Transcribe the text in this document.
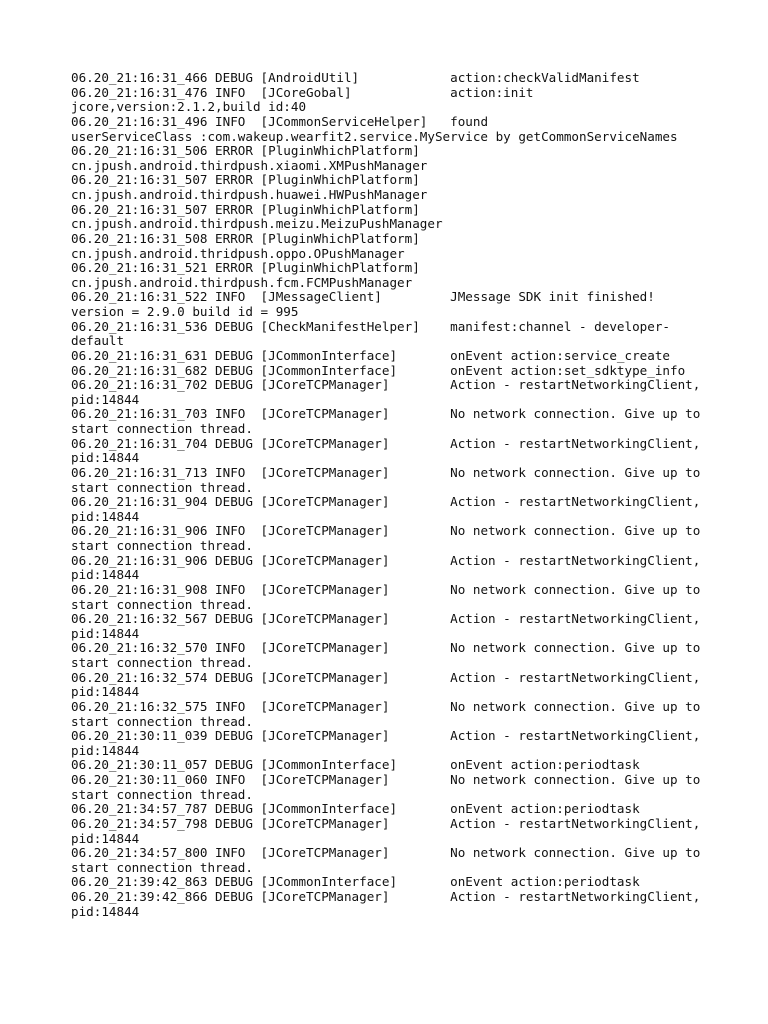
06.20_21:16:31_466 DEBUG [AndroidUtil]            action:checkValidManifest
06.20_21:16:31_476 INFO  [JCoreGobal]             action:init
jcore,version:2.1.2,build id:40
06.20_21:16:31_496 INFO  [JCommonServiceHelper]   found
userServiceClass :com.wakeup.wearfit2.service.MyService by getCommonServiceNames
06.20_21:16:31_506 ERROR [PluginWhichPlatform]
cn.jpush.android.thirdpush.xiaomi.XMPushManager
06.20_21:16:31_507 ERROR [PluginWhichPlatform]
cn.jpush.android.thirdpush.huawei.HWPushManager
06.20_21:16:31_507 ERROR [PluginWhichPlatform]
cn.jpush.android.thirdpush.meizu.MeizuPushManager
06.20_21:16:31_508 ERROR [PluginWhichPlatform]
cn.jpush.android.thridpush.oppo.OPushManager
06.20_21:16:31_521 ERROR [PluginWhichPlatform]
cn.jpush.android.thirdpush.fcm.FCMPushManager
06.20_21:16:31_522 INFO  [JMessageClient]         JMessage SDK init finished!
version = 2.9.0 build id = 995
06.20_21:16:31_536 DEBUG [CheckManifestHelper]    manifest:channel - developer-
default
06.20_21:16:31_631 DEBUG [JCommonInterface]       onEvent action:service_create
06.20_21:16:31_682 DEBUG [JCommonInterface]       onEvent action:set_sdktype_info
06.20_21:16:31_702 DEBUG [JCoreTCPManager]        Action - restartNetworkingClient,
pid:14844
06.20_21:16:31_703 INFO  [JCoreTCPManager]        No network connection. Give up to
start connection thread.
06.20_21:16:31_704 DEBUG [JCoreTCPManager]        Action - restartNetworkingClient,
pid:14844
06.20_21:16:31_713 INFO  [JCoreTCPManager]        No network connection. Give up to
start connection thread.
06.20_21:16:31_904 DEBUG [JCoreTCPManager]        Action - restartNetworkingClient,
pid:14844
06.20_21:16:31_906 INFO  [JCoreTCPManager]        No network connection. Give up to
start connection thread.
06.20_21:16:31_906 DEBUG [JCoreTCPManager]        Action - restartNetworkingClient,
pid:14844
06.20_21:16:31_908 INFO  [JCoreTCPManager]        No network connection. Give up to
start connection thread.
06.20_21:16:32_567 DEBUG [JCoreTCPManager]        Action - restartNetworkingClient,
pid:14844
06.20_21:16:32_570 INFO  [JCoreTCPManager]        No network connection. Give up to
start connection thread.
06.20_21:16:32_574 DEBUG [JCoreTCPManager]        Action - restartNetworkingClient,
pid:14844
06.20_21:16:32_575 INFO  [JCoreTCPManager]        No network connection. Give up to
start connection thread.
06.20_21:30:11_039 DEBUG [JCoreTCPManager]        Action - restartNetworkingClient,
pid:14844
06.20_21:30:11_057 DEBUG [JCommonInterface]       onEvent action:periodtask
06.20_21:30:11_060 INFO  [JCoreTCPManager]        No network connection. Give up to
start connection thread.
06.20_21:34:57_787 DEBUG [JCommonInterface]       onEvent action:periodtask
06.20_21:34:57_798 DEBUG [JCoreTCPManager]        Action - restartNetworkingClient,
pid:14844
06.20_21:34:57_800 INFO  [JCoreTCPManager]        No network connection. Give up to
start connection thread.
06.20_21:39:42_863 DEBUG [JCommonInterface]       onEvent action:periodtask
06.20_21:39:42_866 DEBUG [JCoreTCPManager]        Action - restartNetworkingClient,
pid:14844
